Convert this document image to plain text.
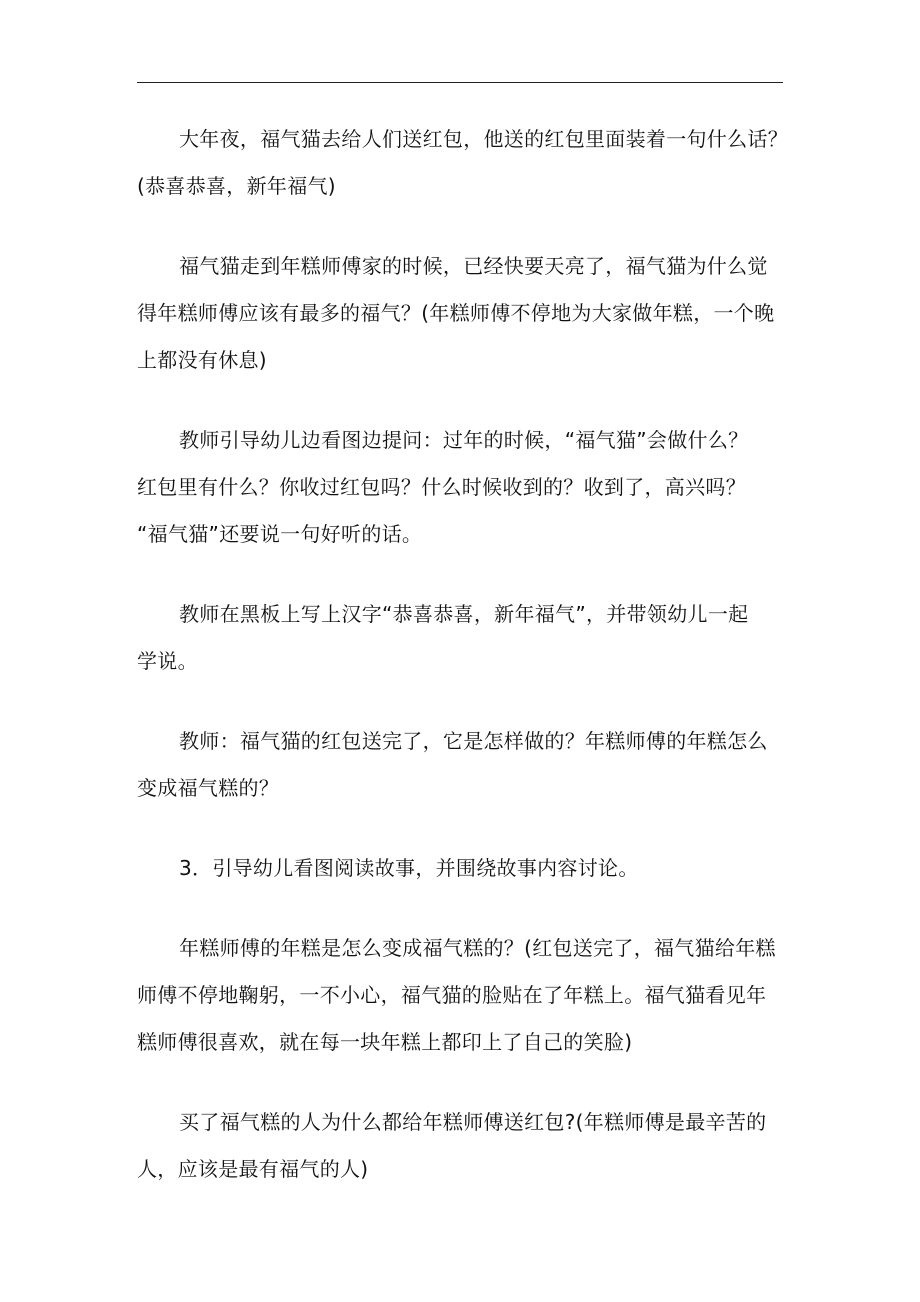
大年夜，福气猫去给人们送红包，他送的红包里面装着一句什么话？
(恭喜恭喜，新年福气)

福气猫走到年糕师傅家的时候，已经快要天亮了，福气猫为什么觉
得年糕师傅应该有最多的福气？(年糕师傅不停地为大家做年糕，一个晚
上都没有休息)

教师引导幼儿边看图边提问：过年的时候，“福气猫”会做什么？
红包里有什么？你收过红包吗？什么时候收到的？收到了，高兴吗？
“福气猫”还要说一句好听的话。

教师在黑板上写上汉字“恭喜恭喜，新年福气”，并带领幼儿一起
学说。

教师：福气猫的红包送完了，它是怎样做的？年糕师傅的年糕怎么
变成福气糕的？

3．引导幼儿看图阅读故事，并围绕故事内容讨论。

年糕师傅的年糕是怎么变成福气糕的？(红包送完了，福气猫给年糕
师傅不停地鞠躬，一不小心，福气猫的脸贴在了年糕上。福气猫看见年
糕师傅很喜欢，就在每一块年糕上都印上了自己的笑脸)

买了福气糕的人为什么都给年糕师傅送红包?(年糕师傅是最辛苦的
人，应该是最有福气的人)
